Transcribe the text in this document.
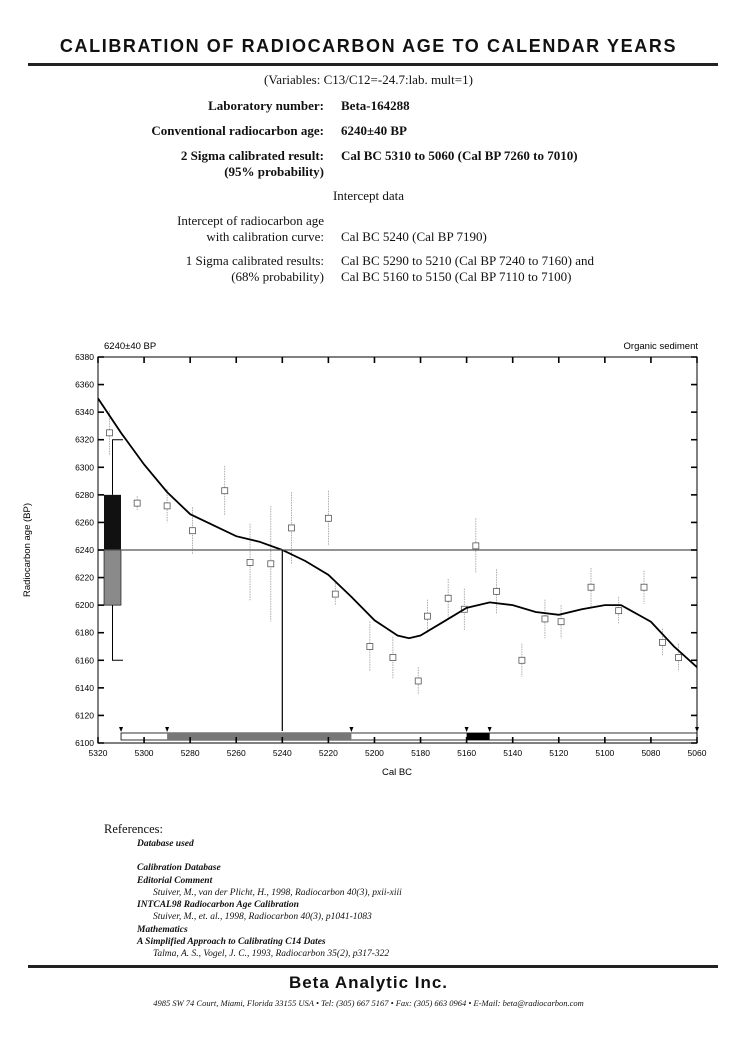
CALIBRATION OF RADIOCARBON AGE TO CALENDAR YEARS
(Variables: C13/C12=-24.7:lab. mult=1)
Laboratory number: Beta-164288
Conventional radiocarbon age: 6240±40 BP
2 Sigma calibrated result:
(95% probability)
Cal BC 5310 to 5060 (Cal BP 7260 to 7010)
Intercept data
Intercept of radiocarbon age
with calibration curve: Cal BC 5240 (Cal BP 7190)
1 Sigma calibrated results:
(68% probability)
Cal BC 5290 to 5210 (Cal BP 7240 to 7160) and
Cal BC 5160 to 5150 (Cal BP 7110 to 7100)
6240±40 BP	Organic sediment
5320	5300	5280	5260	5240	5220	5200	5180	5160	5140	5120	5100	5080	5060
6100
6120
6140
6160
6180
6200
6220
6240
6260
6280
6300
6320
6340
6360
6380
Cal BC
Radiocarbon age (BP)
References:
Database used
Calibration Database
Editorial Comment
Stuiver, M., van der Plicht, H., 1998, Radiocarbon 40(3), pxii-xiii
INTCAL98 Radiocarbon Age Calibration
Stuiver, M., et. al., 1998, Radiocarbon 40(3), p1041-1083
Mathematics
A Simplified Approach to Calibrating C14 Dates
Talma, A. S., Vogel, J. C., 1993, Radiocarbon 35(2), p317-322
Beta Analytic Inc.
4985 SW 74 Court, Miami, Florida 33155 USA • Tel: (305) 667 5167 • Fax: (305) 663 0964 • E-Mail: beta@radiocarbon.com
